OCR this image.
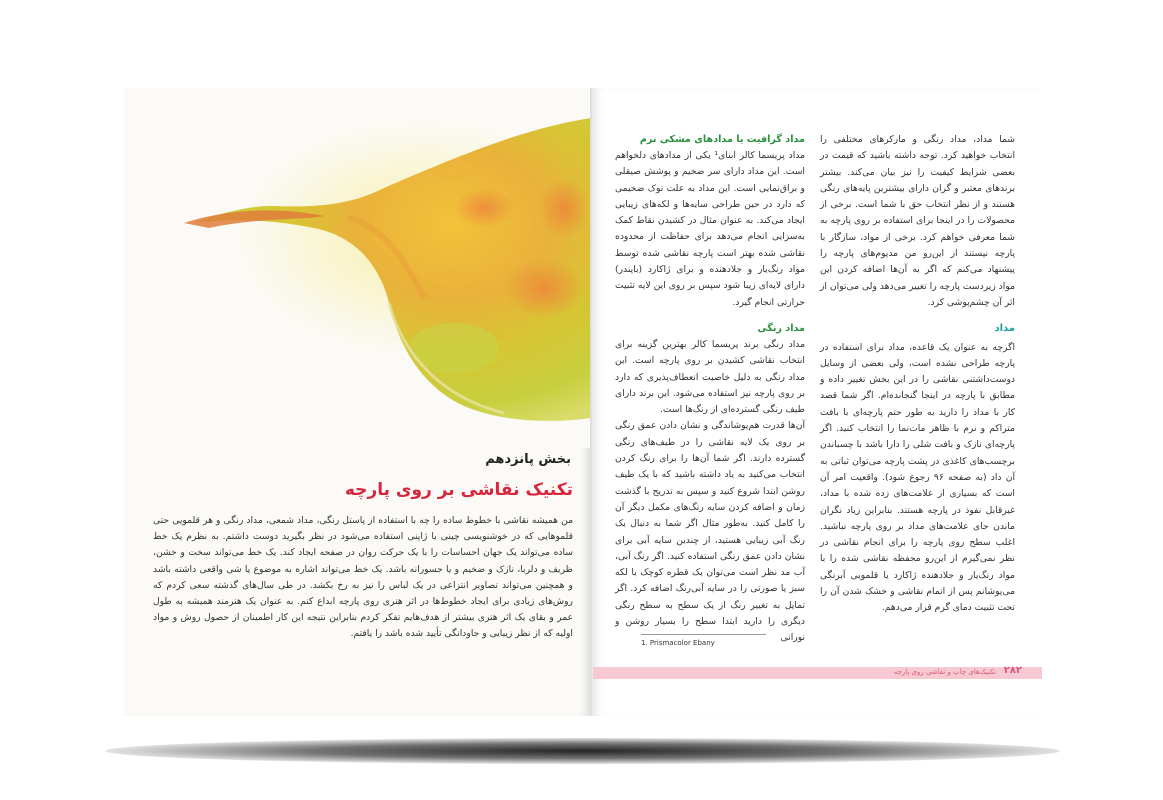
بخش پانزدهم
تکنیک نقاشی بر روی پارچه
من همیشه نقاشی با خطوط ساده را چه با استفاده از پاستل رنگی، مداد شمعی، مداد رنگی و هر قلمویی حتی قلموهایی که در خوشنویسی چینی یا ژاپنی استفاده می‌شود در نظر بگیرید دوست داشتم. به نظرم یک خط ساده می‌تواند یک جهان احساسات را با یک حرکت روان در صفحه ایجاد کند. یک خط می‌تواند سخت و خشن، ظریف و دلربا، نازک و ضخیم و یا جسورانه باشد. یک خط می‌تواند اشاره به موضوع یا شی واقعی داشته باشد و همچنین می‌تواند تصاویر انتزاعی در یک لباس را نیز به رخ بکشد. در طی سال‌های گذشته سعی کردم که روش‌های زیادی برای ایجاد خطوط‌ها در اثر هنری روی پارچه ابداع کنم. به عنوان یک هنرمند همیشه به طول عمر و بقای یک اثر هنری بیشتر از هدف‌هایم تفکر کردم بنابراین نتیجه این کار اطمینان از حصول روش و مواد اولیه که از نظر زیبایی و جاودانگی تأیید شده باشد را یافتم.

شما مداد، مداد رنگی و مارکرهای مختلفی را انتخاب خواهید کرد. توجه داشته باشید که قیمت در بعضی شرایط کیفیت را نیز بیان می‌کند. بیشتر برندهای معتبر و گران دارای بیشترین پایه‌های رنگی هستند و از نظر انتخاب حق با شما است. برخی از محصولات را در اینجا برای استفاده بر روی پارچه به شما معرفی خواهم کرد. برخی از مواد، سازگار با پارچه نیستند از این‌رو من مدیوم‌های پارچه را پیشنهاد می‌کنم که اگر به آن‌ها اضافه کردن این مواد زیردست پارچه را تغییر می‌دهد ولی می‌توان از اثر آن چشم‌پوشی کرد.

مداد

اگرچه به عنوان یک قاعده، مداد برای استفاده در پارچه طراحی نشده است، ولی بعضی از وسایل دوست‌داشتنی نقاشی را در این بخش تغییر داده و مطابق با پارچه در اینجا گنجانده‌ام. اگر شما قصد کار با مداد را دارید به طور حتم پارچه‌ای با بافت متراکم و نرم با ظاهر مات‌نما را انتخاب کنید. اگر پارچه‌ای نازک و بافت شلی را دارا باشد با چسباندن برچسب‌های کاغذی در پشت پارچه می‌توان ثباتی به آن داد (به صفحه ۹۶ رجوع شود). واقعیت امر آن است که بسیاری از علامت‌های زده شده با مداد، غیرقابل نفوذ در پارچه هستند. بنابراین زیاد نگران ماندن جای علامت‌های مداد بر روی پارچه نباشید. اغلب سطح روی پارچه را برای انجام نقاشی در نظر نمی‌گیرم از این‌رو محفظه نقاشی شده را با مواد رنگ‌یار و جلادهنده ژاکارد یا قلمویی آبرنگی می‌پوشانم پس از اتمام نقاشی و خشک شدن آن را تحت تثبیت دمای گرم قرار می‌دهم.

مداد گرافیت یا مدادهای مشکی نرم

مداد پریسما کالر ابنای¹ یکی از مدادهای دلخواهم است. این مداد دارای سر ضخیم و پوشش صیقلی و براق‌نمایی است. این مداد به علت نوک ضخیمی که دارد در حین طراحی سایه‌ها و لکه‌های زیبایی ایجاد می‌کند. به عنوان مثال در کشیدن نقاط کمک به‌سزایی انجام می‌دهد برای حفاظت از محدوده نقاشی شده بهتر است پارچه نقاشی شده توسط مواد رنگ‌یار و جلادهنده و برای ژاکارد (بایندر) دارای لایه‌ای زیبا شود سپس بر روی این لایه تثبیت حرارتی انجام گیرد.

مداد رنگی

مداد رنگی برند پریسما کالر بهترین گزینه برای انتخاب نقاشی کشیدن بر روی پارچه است. این مداد رنگی به دلیل خاصیت انعطاف‌پذیری که دارد بر روی پارچه نیز استفاده می‌شود. این برند دارای طیف رنگی گسترده‌ای از رنگ‌ها است.

آن‌ها قدرت هم‌پوشاندگی و نشان دادن عمق رنگی بر روی یک لایه نقاشی را در طیف‌های رنگی گسترده دارند. اگر شما آن‌ها را برای رنگ کردن انتخاب می‌کنید به یاد داشته باشید که با یک طیف روشن ابتدا شروع کنید و سپس به تدریج با گذشت زمان و اضافه کردن سایه رنگ‌های مکمل دیگر آن را کامل کنید. به‌طور مثال اگر شما به دنبال یک رنگ آبی زیبایی هستید، از چندین سایه آبی برای نشان دادن عمق رنگی استفاده کنید. اگر رنگ آبی، آب مد نظر است می‌توان یک قطره کوچک یا لکه سبز یا صورتی را در سایه آبی‌رنگ اضافه کرد. اگر تمایل به تغییر رنگ از یک سطح به سطح رنگی دیگری را دارید ابتدا سطح را بسیار روشن و نورانی

1. Prismacolor Ebany
تکنیک‌های چاپ و نقاشی روی پارچه ۲۸۲
